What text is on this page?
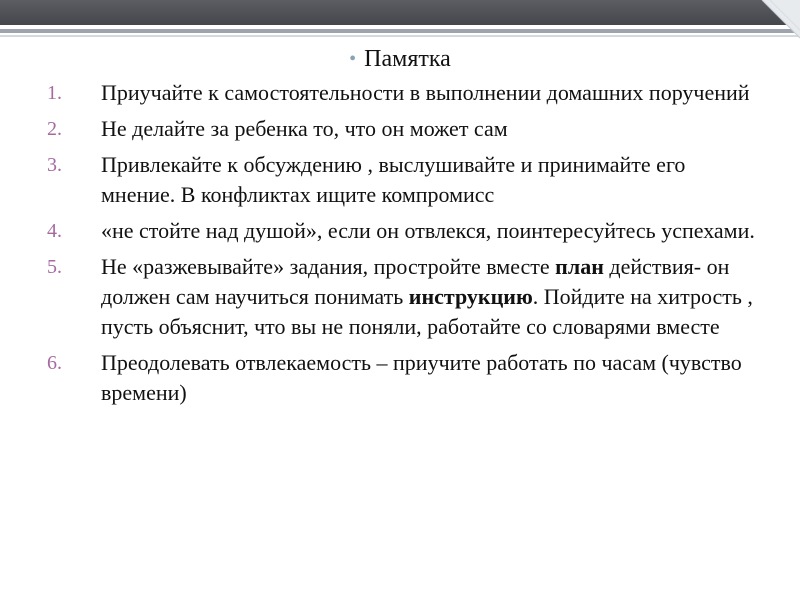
• Памятка
1. Приучайте к самостоятельности в выполнении домашних поручений
2. Не делайте за ребенка то, что он может сам
3. Привлекайте к обсуждению , выслушивайте и принимайте его мнение. В конфликтах ищите компромисс
4. «не стойте над душой», если он отвлекся, поинтересуйтесь успехами.
5. Не «разжевывайте» задания, простройте вместе план действия- он должен сам научиться понимать инструкцию. Пойдите на хитрость , пусть объяснит, что вы не поняли, работайте со словарями вместе
6. Преодолевать отвлекаемость – приучите работать по часам (чувство времени)
